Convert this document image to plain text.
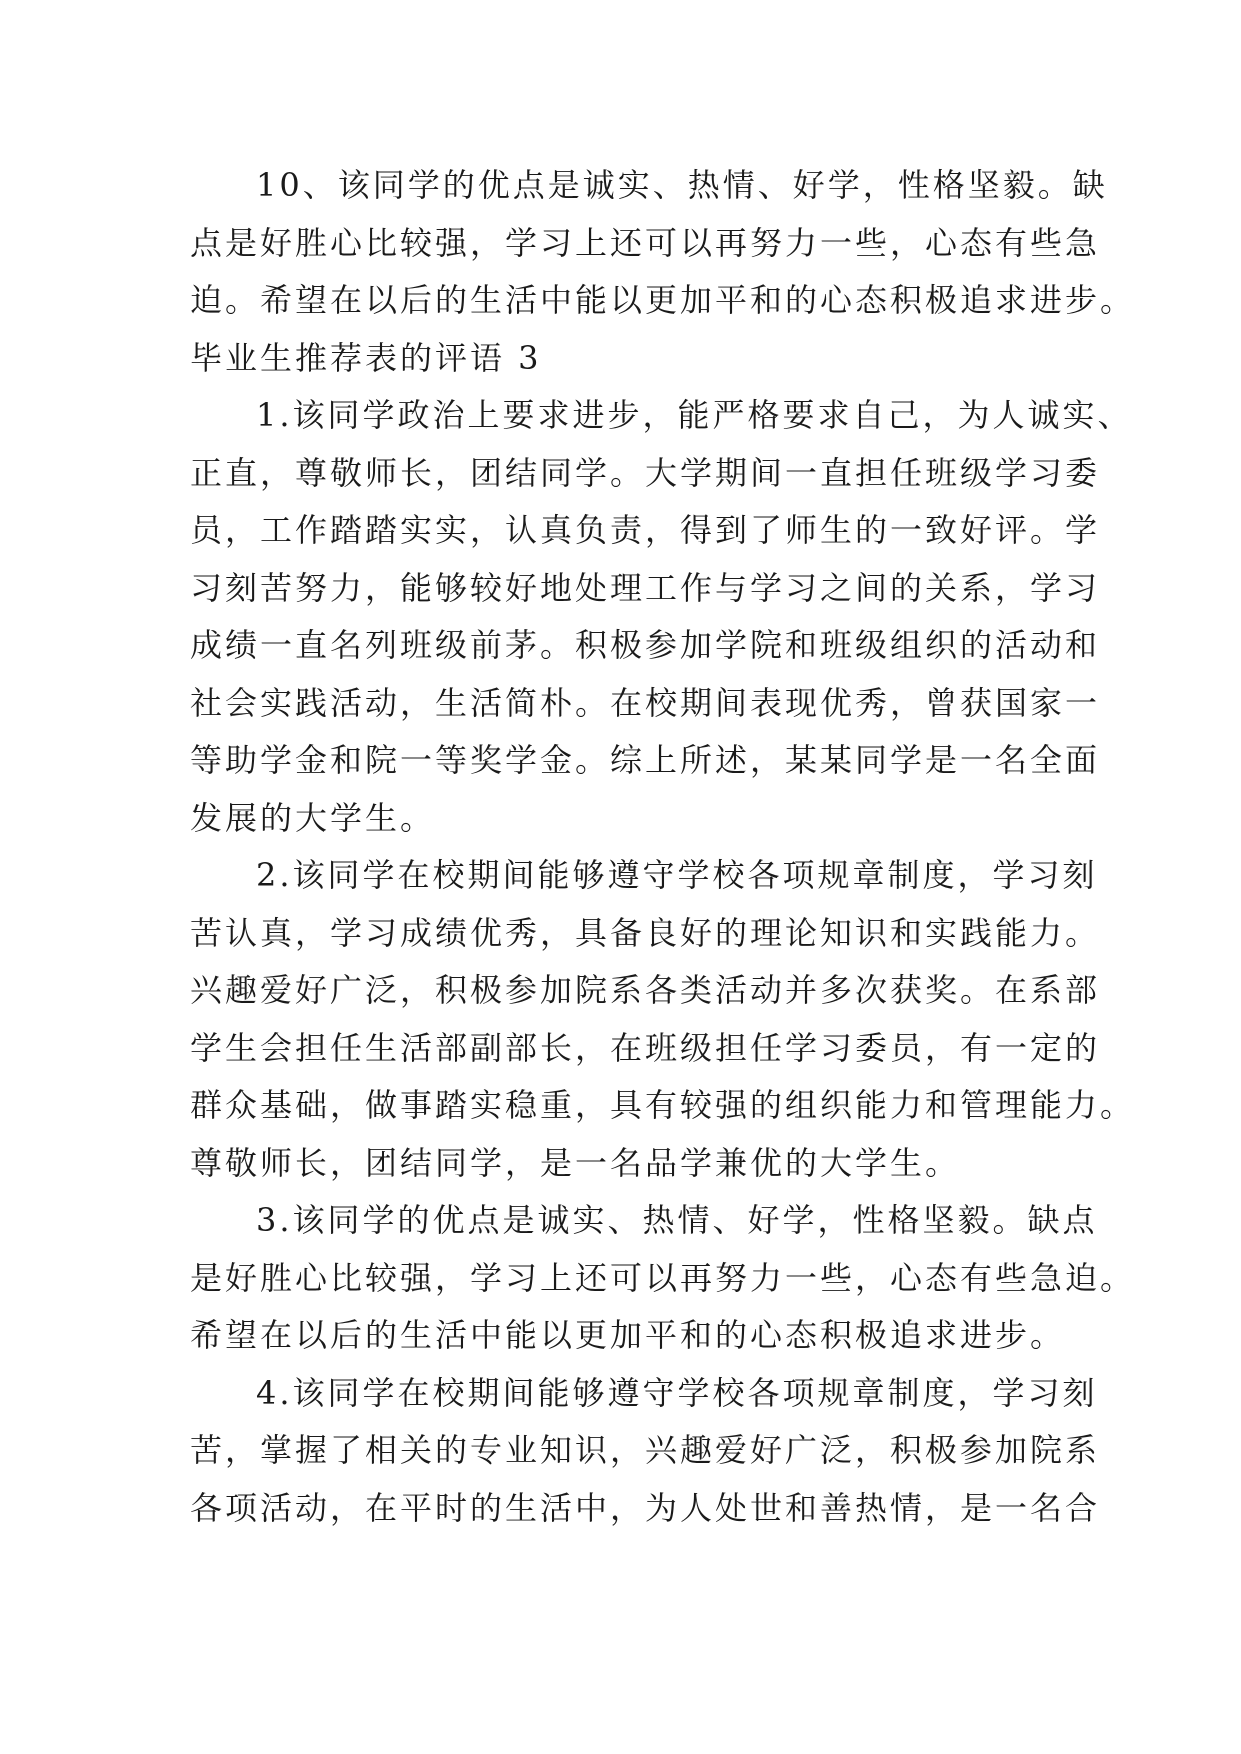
10、该同学的优点是诚实、热情、好学，性格坚毅。缺
点是好胜心比较强，学习上还可以再努力一些，心态有些急
迫。希望在以后的生活中能以更加平和的心态积极追求进步。
毕业生推荐表的评语 3
1.该同学政治上要求进步，能严格要求自己，为人诚实、
正直，尊敬师长，团结同学。大学期间一直担任班级学习委
员，工作踏踏实实，认真负责，得到了师生的一致好评。学
习刻苦努力，能够较好地处理工作与学习之间的关系，学习
成绩一直名列班级前茅。积极参加学院和班级组织的活动和
社会实践活动，生活简朴。在校期间表现优秀，曾获国家一
等助学金和院一等奖学金。综上所述，某某同学是一名全面
发展的大学生。
2.该同学在校期间能够遵守学校各项规章制度，学习刻
苦认真，学习成绩优秀，具备良好的理论知识和实践能力。
兴趣爱好广泛，积极参加院系各类活动并多次获奖。在系部
学生会担任生活部副部长，在班级担任学习委员，有一定的
群众基础，做事踏实稳重，具有较强的组织能力和管理能力。
尊敬师长，团结同学，是一名品学兼优的大学生。
3.该同学的优点是诚实、热情、好学，性格坚毅。缺点
是好胜心比较强，学习上还可以再努力一些，心态有些急迫。
希望在以后的生活中能以更加平和的心态积极追求进步。
4.该同学在校期间能够遵守学校各项规章制度，学习刻
苦，掌握了相关的专业知识，兴趣爱好广泛，积极参加院系
各项活动，在平时的生活中，为人处世和善热情，是一名合
